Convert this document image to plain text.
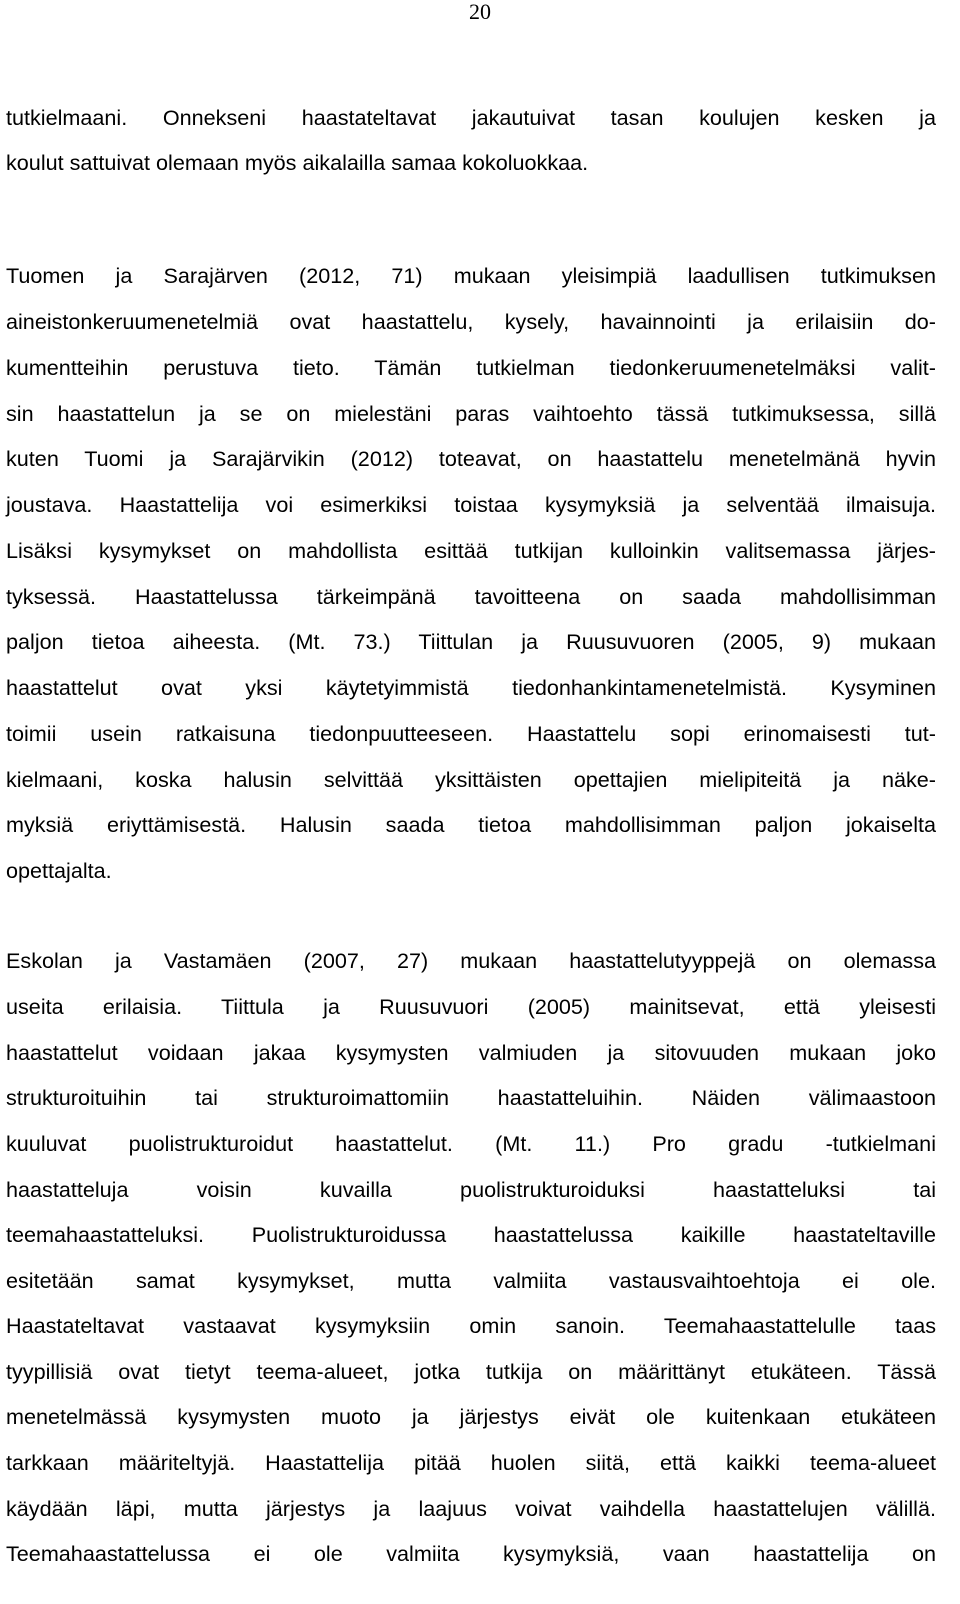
20
tutkielmaani. Onnekseni haastateltavat jakautuivat tasan koulujen kesken ja
koulut sattuivat olemaan myös aikalailla samaa kokoluokkaa.
Tuomen ja Sarajärven (2012, 71) mukaan yleisimpiä laadullisen tutkimuksen
aineistonkeruumenetelmiä ovat haastattelu, kysely, havainnointi ja erilaisiin do-
kumentteihin perustuva tieto. Tämän tutkielman tiedonkeruumenetelmäksi valit-
sin haastattelun ja se on mielestäni paras vaihtoehto tässä tutkimuksessa, sillä
kuten Tuomi ja Sarajärvikin (2012) toteavat, on haastattelu menetelmänä hyvin
joustava. Haastattelija voi esimerkiksi toistaa kysymyksiä ja selventää ilmaisuja.
Lisäksi kysymykset on mahdollista esittää tutkijan kulloinkin valitsemassa järjes-
tyksessä. Haastattelussa tärkeimpänä tavoitteena on saada mahdollisimman
paljon tietoa aiheesta. (Mt. 73.) Tiittulan ja Ruusuvuoren (2005, 9) mukaan
haastattelut ovat yksi käytetyimmistä tiedonhankintamenetelmistä. Kysyminen
toimii usein ratkaisuna tiedonpuutteeseen. Haastattelu sopi erinomaisesti tut-
kielmaani, koska halusin selvittää yksittäisten opettajien mielipiteitä ja näke-
myksiä eriyttämisestä. Halusin saada tietoa mahdollisimman paljon jokaiselta
opettajalta.
Eskolan ja Vastamäen (2007, 27) mukaan haastattelutyyppejä on olemassa
useita erilaisia. Tiittula ja Ruusuvuori (2005) mainitsevat, että yleisesti
haastattelut voidaan jakaa kysymysten valmiuden ja sitovuuden mukaan joko
strukturoituihin tai strukturoimattomiin haastatteluihin. Näiden välimaastoon
kuuluvat puolistrukturoidut haastattelut. (Mt. 11.) Pro gradu -tutkielmani
haastatteluja voisin kuvailla puolistrukturoiduksi haastatteluksi tai
teemahaastatteluksi. Puolistrukturoidussa haastattelussa kaikille haastateltaville
esitetään samat kysymykset, mutta valmiita vastausvaihtoehtoja ei ole.
Haastateltavat vastaavat kysymyksiin omin sanoin. Teemahaastattelulle taas
tyypillisiä ovat tietyt teema-alueet, jotka tutkija on määrittänyt etukäteen. Tässä
menetelmässä kysymysten muoto ja järjestys eivät ole kuitenkaan etukäteen
tarkkaan määriteltyjä. Haastattelija pitää huolen siitä, että kaikki teema-alueet
käydään läpi, mutta järjestys ja laajuus voivat vaihdella haastattelujen välillä.
Teemahaastattelussa ei ole valmiita kysymyksiä, vaan haastattelija on
